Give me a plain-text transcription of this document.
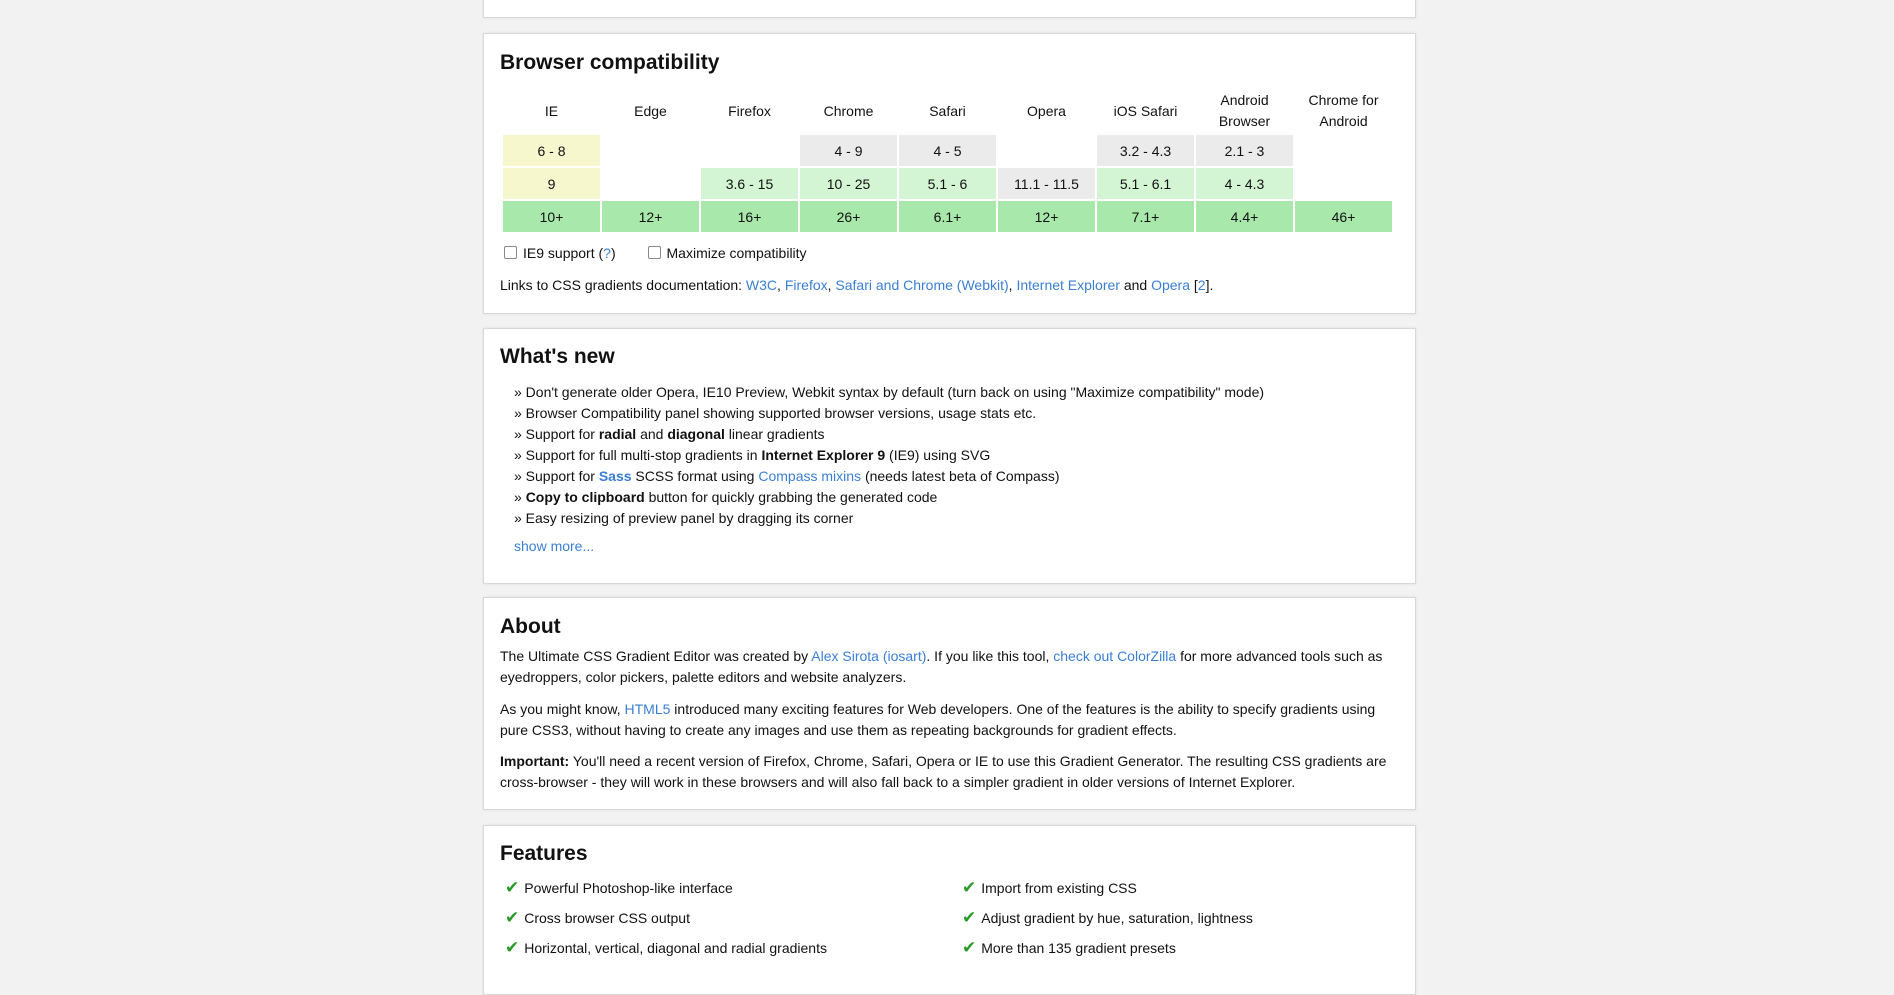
Browser compatibility
IE	Edge	Firefox	Chrome	Safari	Opera	iOS Safari	Android Browser	Chrome for Android
6 - 8			4 - 9	4 - 5		3.2 - 4.3	2.1 - 3	
9		3.6 - 15	10 - 25	5.1 - 6	11.1 - 11.5	5.1 - 6.1	4 - 4.3	
10+	12+	16+	26+	6.1+	12+	7.1+	4.4+	46+
IE9 support (?)	Maximize compatibility
Links to CSS gradients documentation: W3C, Firefox, Safari and Chrome (Webkit), Internet Explorer and Opera [2].
What's new
» Don't generate older Opera, IE10 Preview, Webkit syntax by default (turn back on using "Maximize compatibility" mode)
» Browser Compatibility panel showing supported browser versions, usage stats etc.
» Support for radial and diagonal linear gradients
» Support for full multi-stop gradients in Internet Explorer 9 (IE9) using SVG
» Support for Sass SCSS format using Compass mixins (needs latest beta of Compass)
» Copy to clipboard button for quickly grabbing the generated code
» Easy resizing of preview panel by dragging its corner
show more...
About

The Ultimate CSS Gradient Editor was created by Alex Sirota (iosart). If you like this tool, check out ColorZilla for more advanced tools such as eyedroppers, color pickers, palette editors and website analyzers.

As you might know, HTML5 introduced many exciting features for Web developers. One of the features is the ability to specify gradients using pure CSS3, without having to create any images and use them as repeating backgrounds for gradient effects.

Important: You'll need a recent version of Firefox, Chrome, Safari, Opera or IE to use this Gradient Generator. The resulting CSS gradients are cross-browser - they will work in these browsers and will also fall back to a simpler gradient in older versions of Internet Explorer.

Features
✔ Powerful Photoshop-like interface
✔ Cross browser CSS output
✔ Horizontal, vertical, diagonal and radial gradients
✔ Import from existing CSS
✔ Adjust gradient by hue, saturation, lightness
✔ More than 135 gradient presets
